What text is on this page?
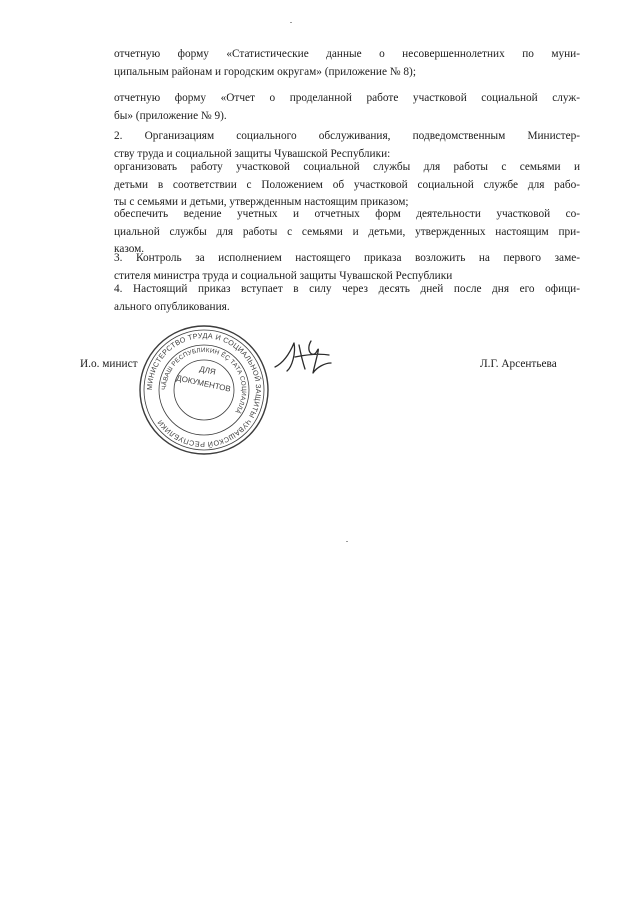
отчетную форму «Статистические данные о несовершеннолетних по муни-
ципальным районам и городским округам» (приложение № 8);

отчетную форму «Отчет о проделанной работе участковой социальной служ-
бы» (приложение № 9).

2. Организациям социального обслуживания, подведомственным Министер-
ству труда и социальной защиты Чувашской Республики:

организовать работу участковой социальной службы для работы с семьями и
детьми в соответствии с Положением об участковой социальной службе для рабо-
ты с семьями и детьми, утвержденным настоящим приказом;

обеспечить ведение учетных и отчетных форм деятельности участковой со-
циальной службы для работы с семьями и детьми, утвержденных настоящим при-
казом.

3. Контроль за исполнением настоящего приказа возложить на первого заме-
стителя министра труда и социальной защиты Чувашской Республики

4. Настоящий приказ вступает в силу через десять дней после дня его офици-
ального опубликования.

И.о. минист
МИНИСТЕРСТВО ТРУДА И СОЦИАЛЬНОЙ ЗАЩИТЫ ЧУВАШСКОЙ РЕСПУБЛИКИ
ЧӐВАШ РЕСПУБЛИКИН ӖҪ ТАТА СОЦИАЛЛӐ
ДЛЯ
ДОКУМЕНТОВ
Л.Г. Арсентьева
